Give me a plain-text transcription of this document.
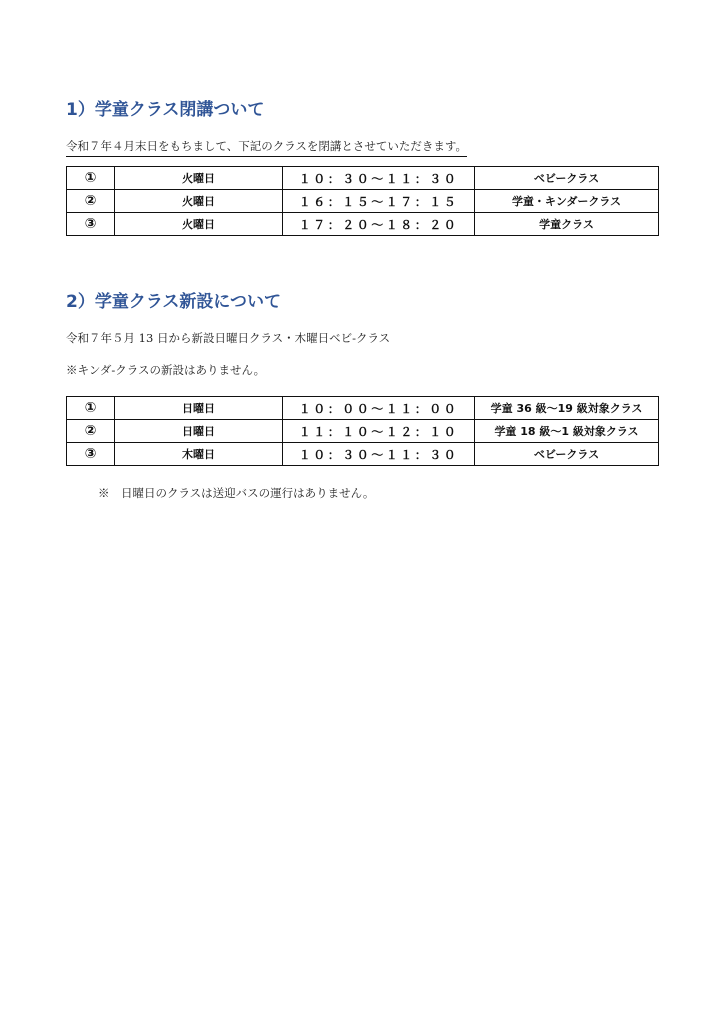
1）学童クラス閉講ついて

令和７年４月末日をもちまして、下記のクラスを閉講とさせていただきます。

①	火曜日	１０：３０～１１：３０	ベビークラス
②	火曜日	１６：１５～１７：１５	学童・キンダークラス
③	火曜日	１７：２０～１８：２０	学童クラス
2）学童クラス新設について

令和７年５月 13 日から新設日曜日クラス・木曜日ベビ-クラス

※キンダ-クラスの新設はありません。

①	日曜日	１０：００～１１：００	学童 36 級～19 級対象クラス
②	日曜日	１１：１０～１２：１０	学童 18 級～1 級対象クラス
③	木曜日	１０：３０～１１：３０	ベビークラス

※　日曜日のクラスは送迎バスの運行はありません。
